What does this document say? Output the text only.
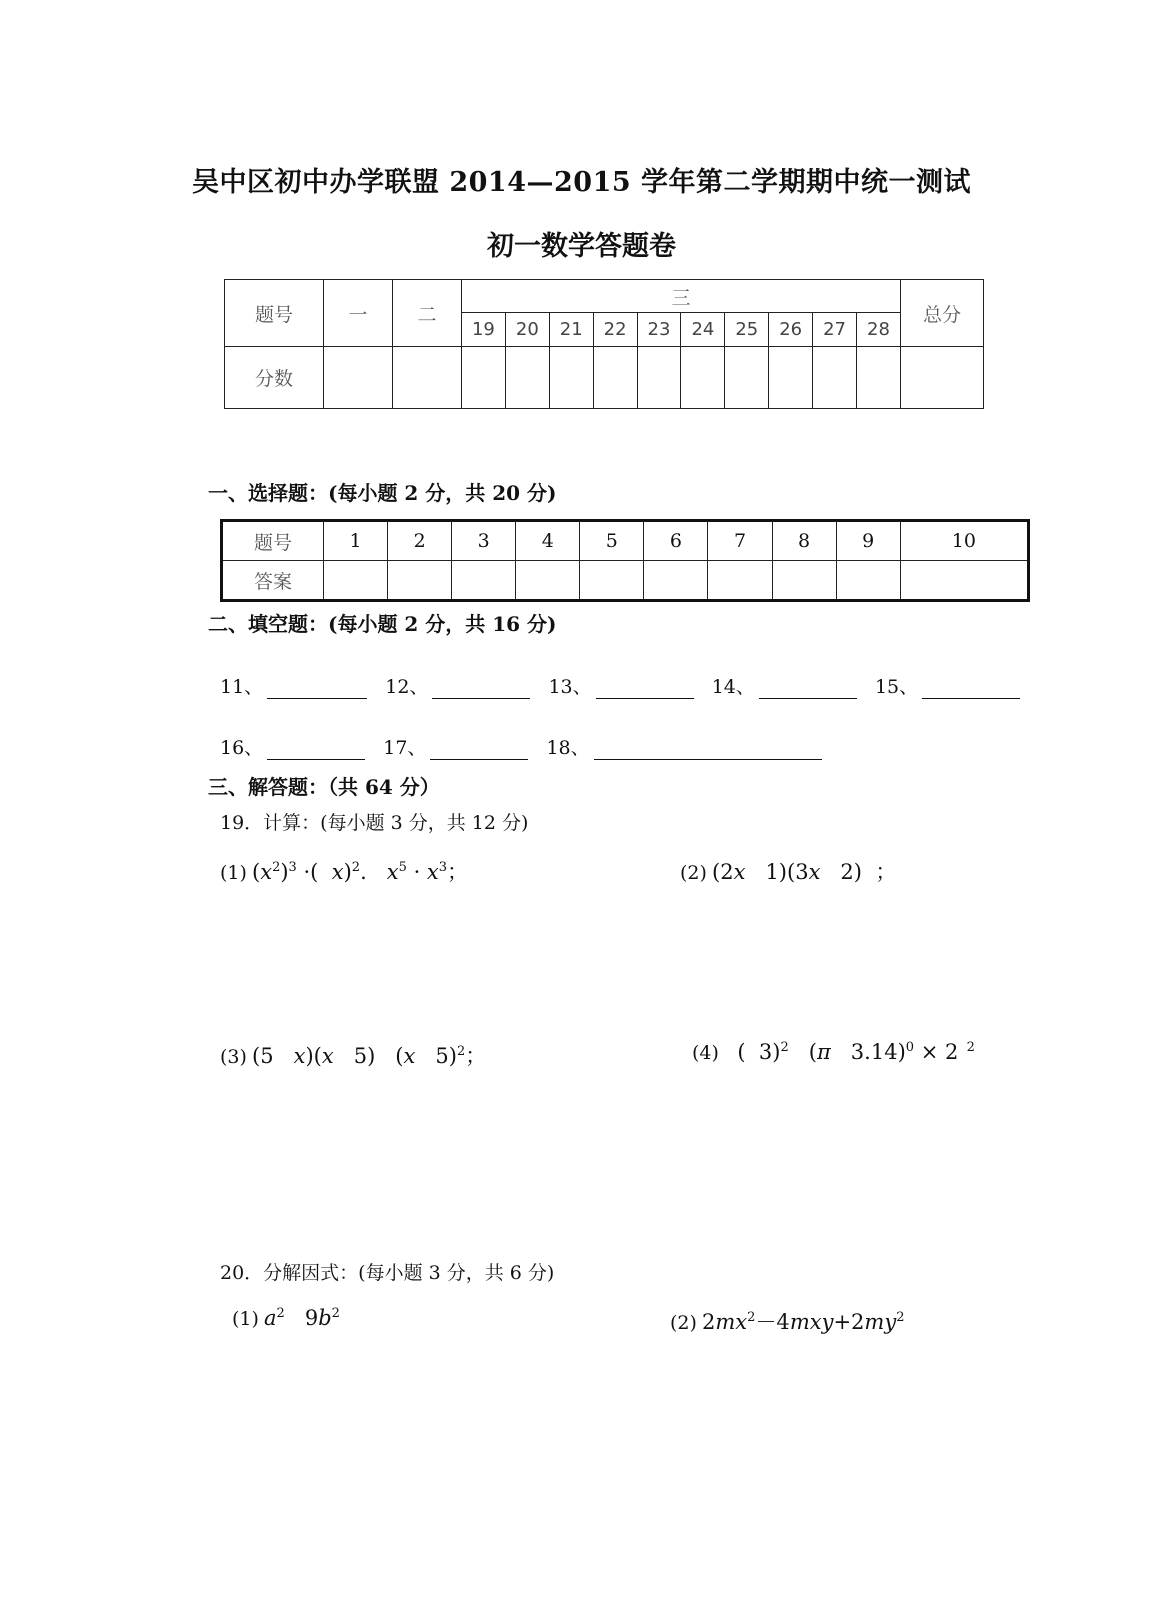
吴中区初中办学联盟 2014—2015 学年第二学期期中统一测试
初一数学答题卷
题号	一	二	三										总分
			19	20	21	22	23	24	25	26	27	28	
分数													
一、选择题：(每小题 2 分，共 20 分)
题号	1	2	3	4	5	6	7	8	9	10
答案										
二、填空题：(每小题 2 分，共 16 分)
11、	12、	13、	14、	15、
16、	17、	18、
三、解答题：（共 64 分）
19．计算：(每小题 3 分，共 12 分)
(1) $(x^2)^3$ ·(  x)$^2$.   $x^5 \cdot x^3$；	(2) (2x   1)(3x   2)  ；
(3) (5   x)(x   5)   (x   5)$^2$；	(4)   (  3)$^2$   (π   3.14)$^0$ × 2  $^2$
20．分解因式：(每小题 3 分，共 6 分)
(1) $a^2$   $9b^2$	(2) $2mx^2-4mxy+2my^2$
